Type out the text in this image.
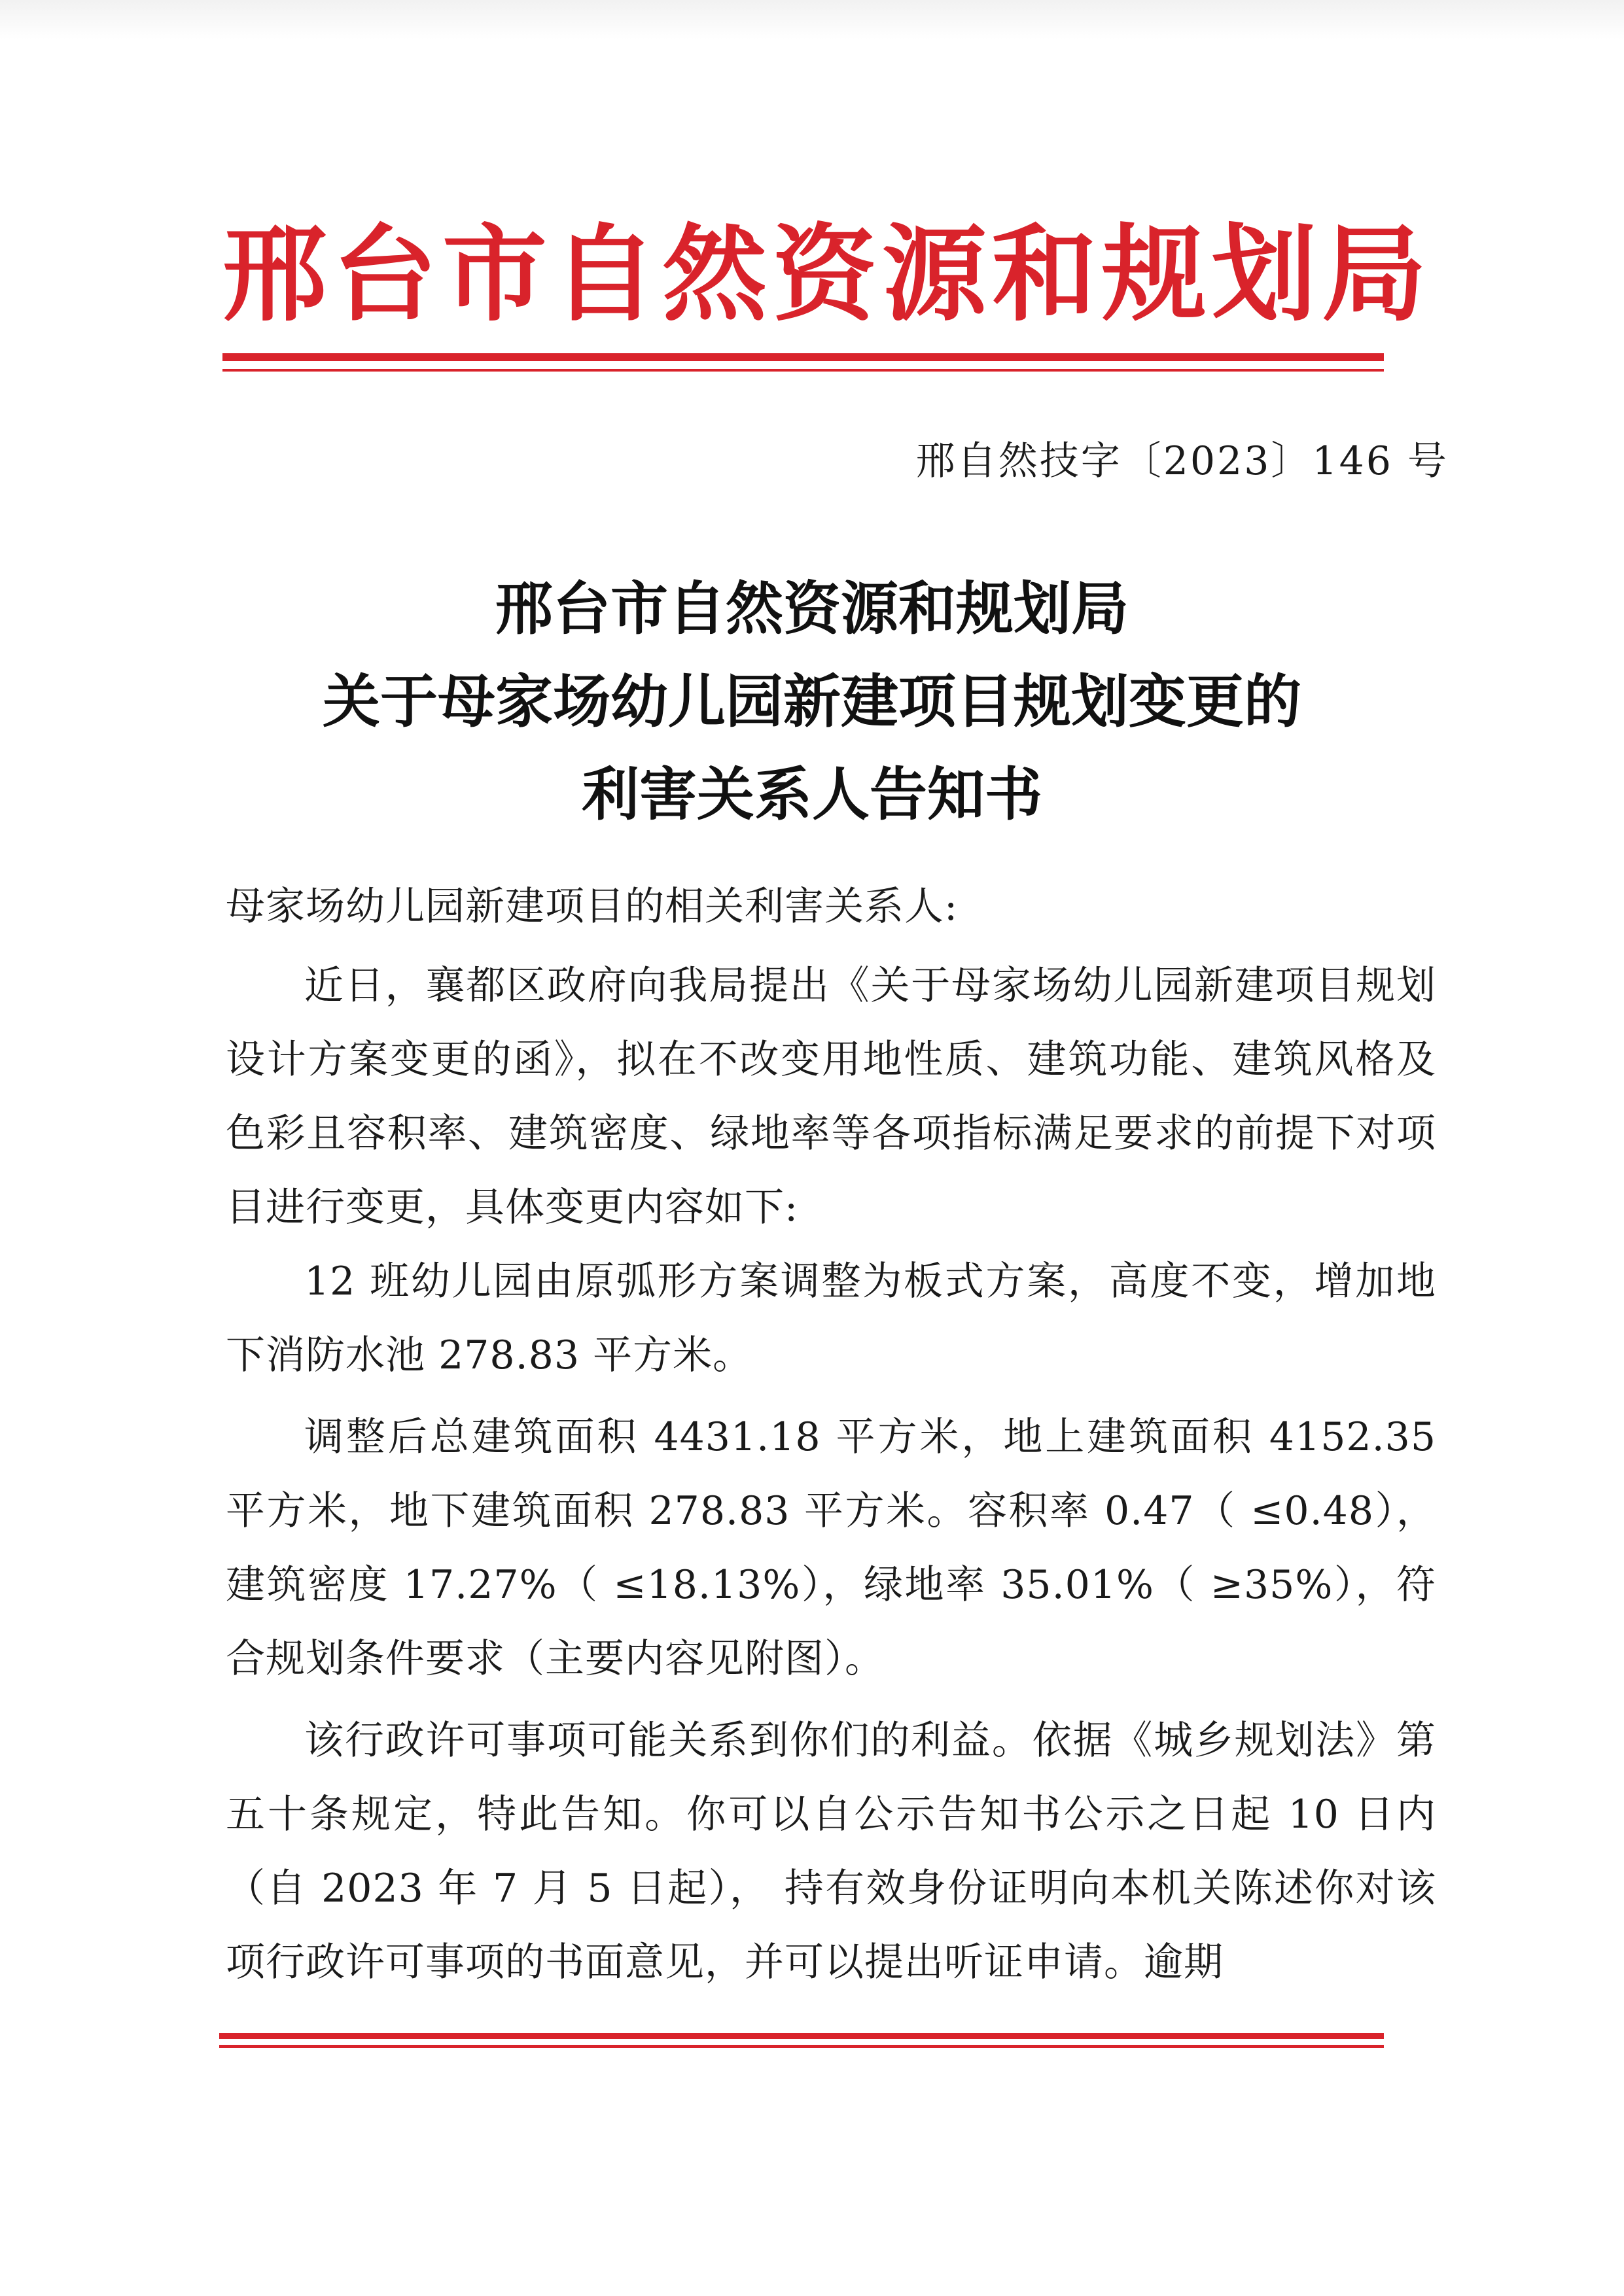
邢台市自然资源和规划局
邢自然技字〔2023〕146 号
邢台市自然资源和规划局
关于母家场幼儿园新建项目规划变更的
利害关系人告知书

母家场幼儿园新建项目的相关利害关系人:

近日，襄都区政府向我局提出《关于母家场幼儿园新建项目规划设计方案变更的函》，拟在不改变用地性质、建筑功能、建筑风格及色彩且容积率、建筑密度、绿地率等各项指标满足要求的前提下对项目进行变更，具体变更内容如下:

12 班幼儿园由原弧形方案调整为板式方案，高度不变，增加地下消防水池 278.83 平方米。

调整后总建筑面积 4431.18 平方米，地上建筑面积 4152.35 平方米，地下建筑面积 278.83 平方米。容积率 0.47（ ≤0.48），建筑密度 17.27%（ ≤18.13%），绿地率 35.01%（ ≥35%），符合规划条件要求（主要内容见附图）。

该行政许可事项可能关系到你们的利益。依据《城乡规划法》第五十条规定，特此告知。你可以自公示告知书公示之日起 10 日内（自 2023 年 7 月 5 日起）， 持有效身份证明向本机关陈述你对该项行政许可事项的书面意见，并可以提出听证申请。逾期
